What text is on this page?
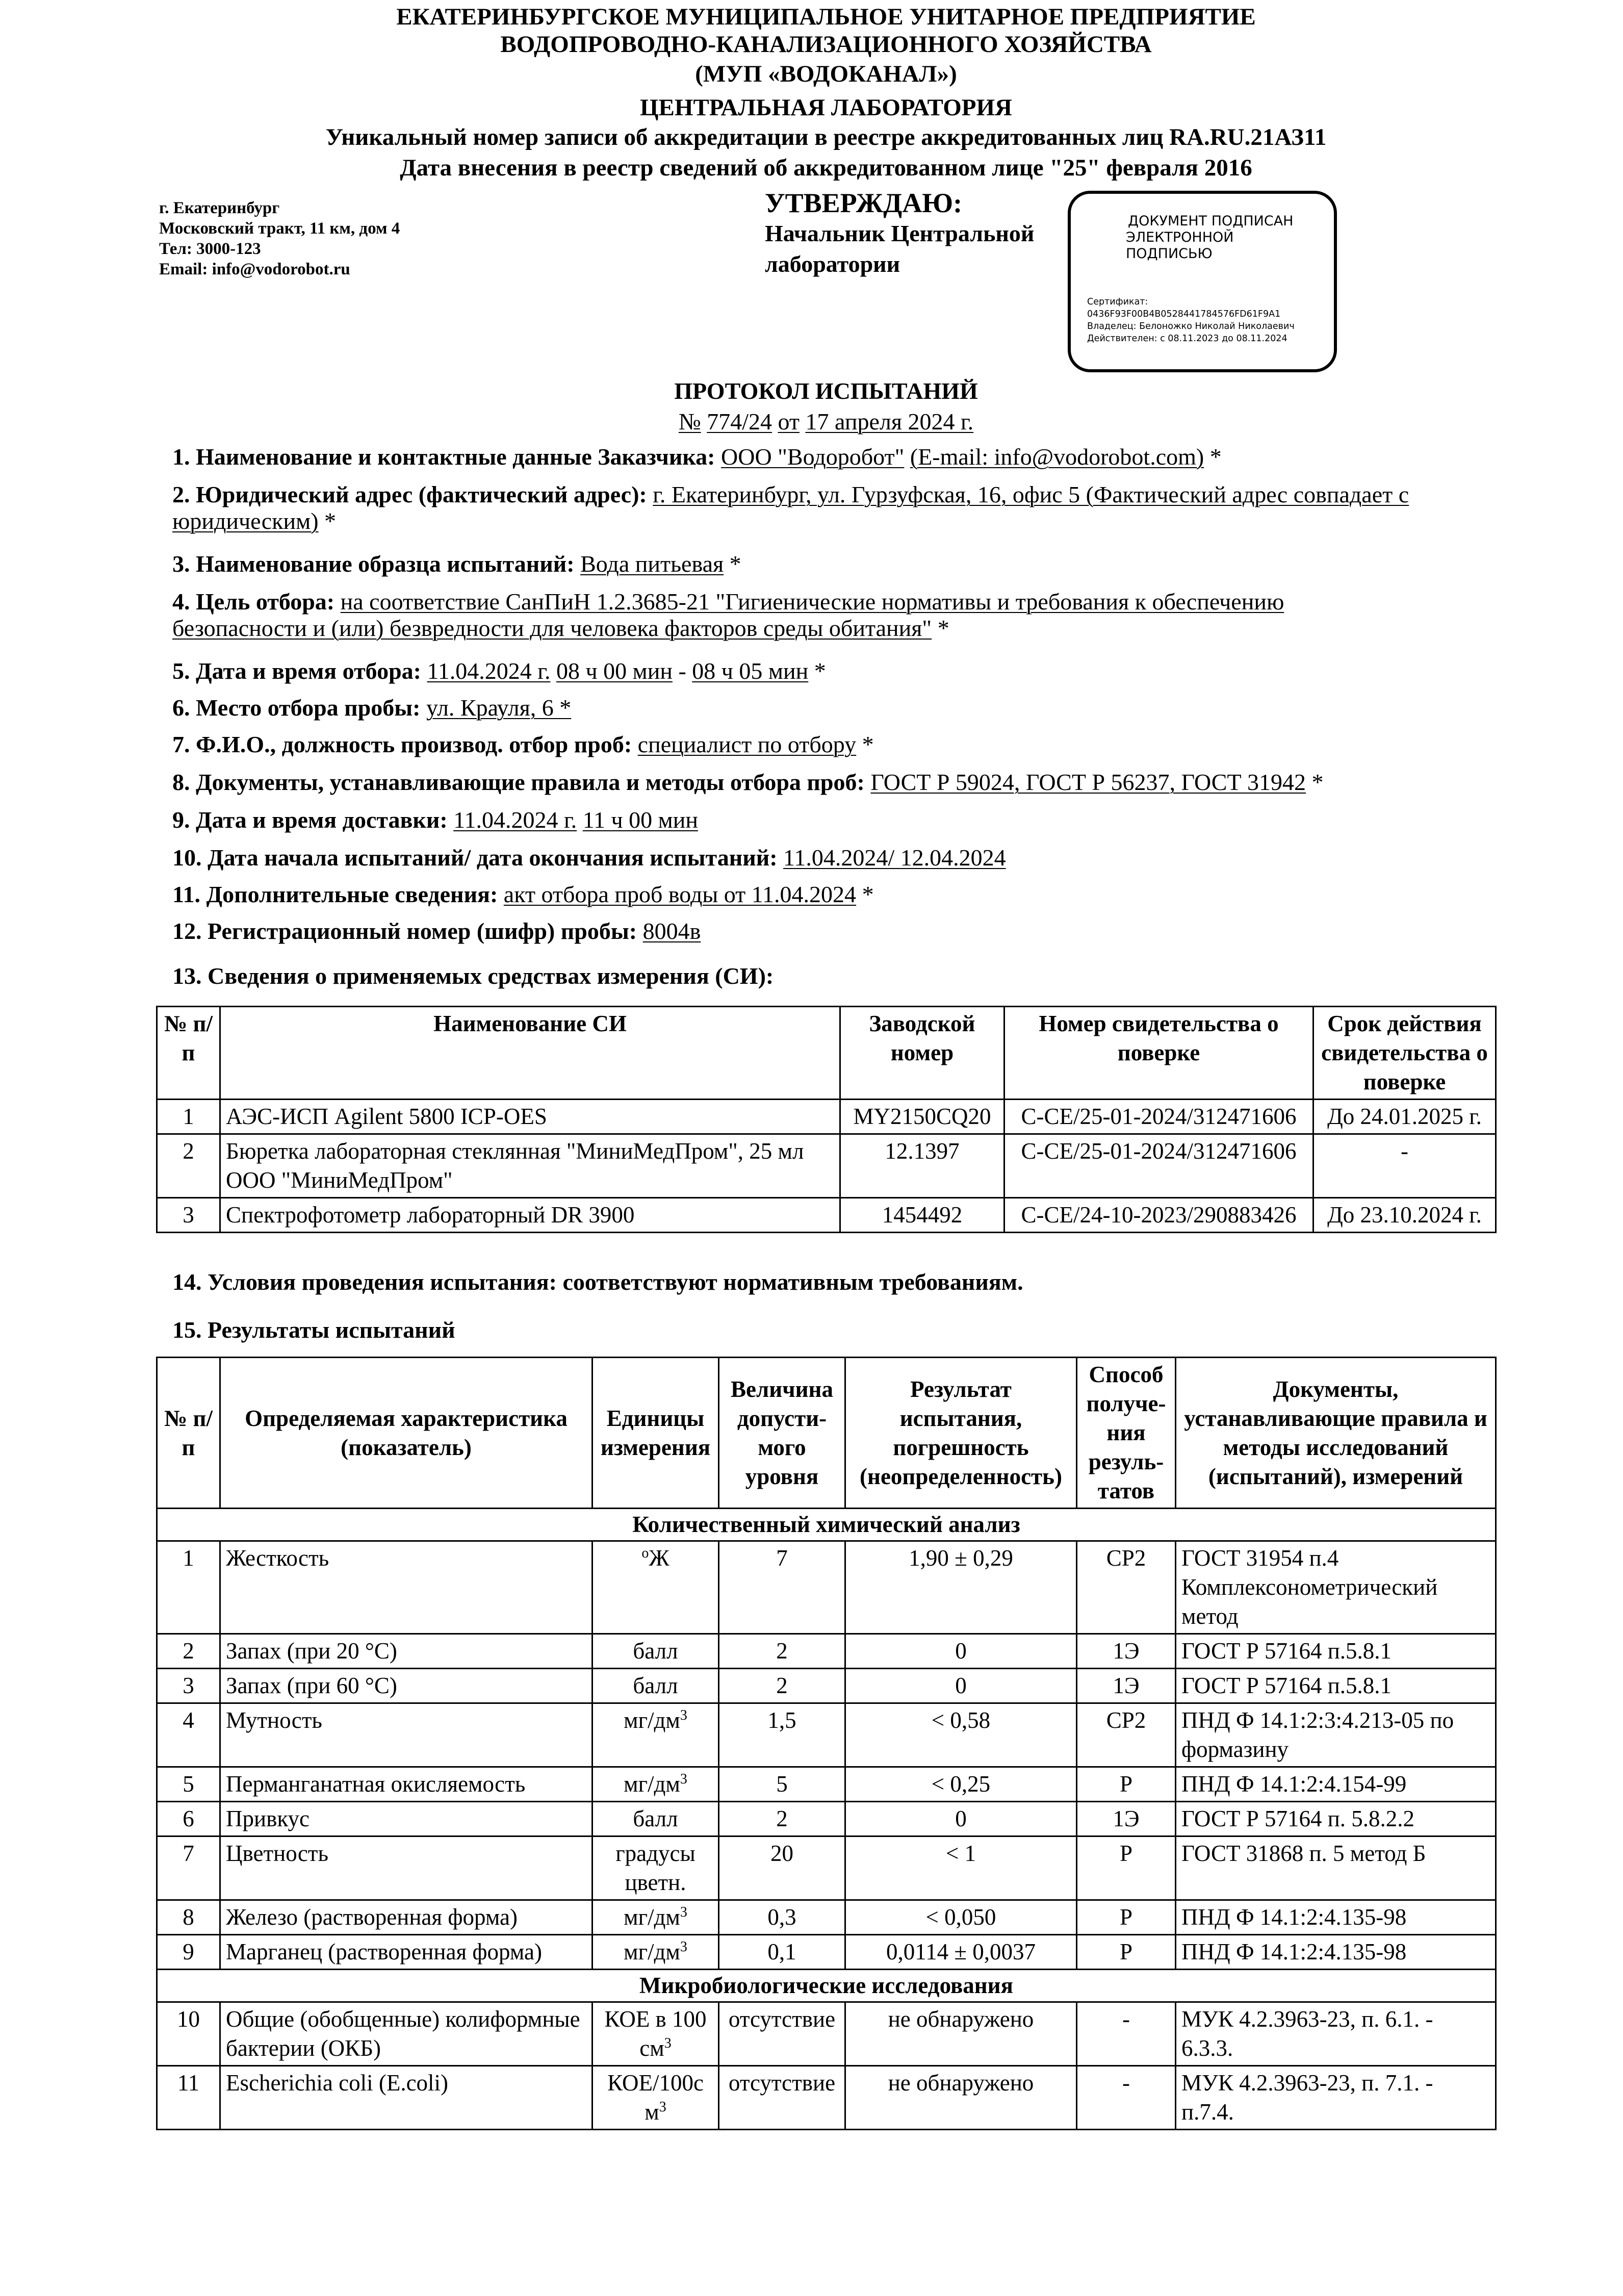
ЕКАТЕРИНБУРГСКОЕ МУНИЦИПАЛЬНОЕ УНИТАРНОЕ ПРЕДПРИЯТИЕ
ВОДОПРОВОДНО-КАНАЛИЗАЦИОННОГО ХОЗЯЙСТВА
(МУП «ВОДОКАНАЛ»)
ЦЕНТРАЛЬНАЯ ЛАБОРАТОРИЯ
Уникальный номер записи об аккредитации в реестре аккредитованных лиц RA.RU.21АЗ11
Дата внесения в реестр сведений об аккредитованном лице "25" февраля 2016
г. Екатеринбург
Московский тракт, 11 км, дом 4
Тел: 3000-123
Email: info@vodorobot.ru
УТВЕРЖДАЮ:
Начальник Центральной
лаборатории
ДОКУМЕНТ ПОДПИСАН
ЭЛЕКТРОННОЙ ПОДПИСЬЮ
Сертификат:
0436F93F00B4B0528441784576FD61F9A1
Владелец: Белоножко Николай Николаевич
Действителен: с 08.11.2023 до 08.11.2024
ПРОТОКОЛ ИСПЫТАНИЙ
№ 774/24 от 17 апреля 2024 г.
1. Наименование и контактные данные Заказчика: ООО "Водоробот" (E-mail: info@vodorobot.com) *
2. Юридический адрес (фактический адрес): г. Екатеринбург, ул. Гурзуфская, 16, офис 5 (Фактический адрес совпадает с юридическим) *
3. Наименование образца испытаний: Вода питьевая *
4. Цель отбора: на соответствие СанПиН 1.2.3685-21 "Гигиенические нормативы и требования к обеспечению безопасности и (или) безвредности для человека факторов среды обитания" *
5. Дата и время отбора: 11.04.2024 г. 08 ч 00 мин - 08 ч 05 мин *
6. Место отбора пробы: ул. Крауля, 6 *
7. Ф.И.О., должность производ. отбор проб: специалист по отбору *
8. Документы, устанавливающие правила и методы отбора проб: ГОСТ Р 59024, ГОСТ Р 56237, ГОСТ 31942 *
9. Дата и время доставки: 11.04.2024 г. 11 ч 00 мин
10. Дата начала испытаний/ дата окончания испытаний: 11.04.2024/ 12.04.2024
11. Дополнительные сведения: акт отбора проб воды от 11.04.2024 *
12. Регистрационный номер (шифр) пробы: 8004в
13. Сведения о применяемых средствах измерения (СИ):
№ п/п	Наименование СИ	Заводской номер	Номер свидетельства о поверке	Срок действия свидетельства о поверке
1	АЭС-ИСП Agilent 5800 ICP-OES	MY2150CQ20	C-CE/25-01-2024/312471606	До 24.01.2025 г.
2	Бюретка лабораторная стеклянная "МиниМедПром", 25 мл ООО "МиниМедПром"	12.1397	C-CE/25-01-2024/312471606	-
3	Спектрофотометр лабораторный DR 3900	1454492	C-CE/24-10-2023/290883426	До 23.10.2024 г.
14. Условия проведения испытания: соответствуют нормативным требованиям.
15. Результаты испытаний
№ п/п	Определяемая характеристика (показатель)	Единицы измерения	Величина допусти-мого уровня	Результат испытания, погрешность (неопределенность)	Способ получе-ния резуль-татов	Документы, устанавливающие правила и методы исследований (испытаний), измерений
Количественный химический анализ						
1	Жесткость	$^о$Ж	7	1,90 ± 0,29	СР2	ГОСТ 31954 п.4 Комплексонометрический метод
2	Запах (при 20 °С)	балл	2	0	1Э	ГОСТ Р 57164 п.5.8.1
3	Запах (при 60 °С)	балл	2	0	1Э	ГОСТ Р 57164 п.5.8.1
4	Мутность	$мг/дм^3$	1,5	< 0,58	СР2	ПНД Ф 14.1:2:3:4.213-05 по формазину
5	Перманганатная окисляемость	$мг/дм^3$	5	< 0,25	Р	ПНД Ф 14.1:2:4.154-99
6	Привкус	балл	2	0	1Э	ГОСТ Р 57164 п. 5.8.2.2
7	Цветность	градусы цветн.	20	< 1	Р	ГОСТ 31868 п. 5 метод Б
8	Железо (растворенная форма)	$мг/дм^3$	0,3	< 0,050	Р	ПНД Ф 14.1:2:4.135-98
9	Марганец (растворенная форма)	$мг/дм^3$	0,1	0,0114 ± 0,0037	Р	ПНД Ф 14.1:2:4.135-98
Микробиологические исследования						
10	Общие (обобщенные) колиформные бактерии (ОКБ)	КОЕ в 100 $см^3$	отсутствие	не обнаружено	-	МУК 4.2.3963-23, п. 6.1. - 6.3.3.
11	Escherichia coli (E.coli)	КОЕ/100с $м^3$	отсутствие	не обнаружено	-	МУК 4.2.3963-23, п. 7.1. - п.7.4.
